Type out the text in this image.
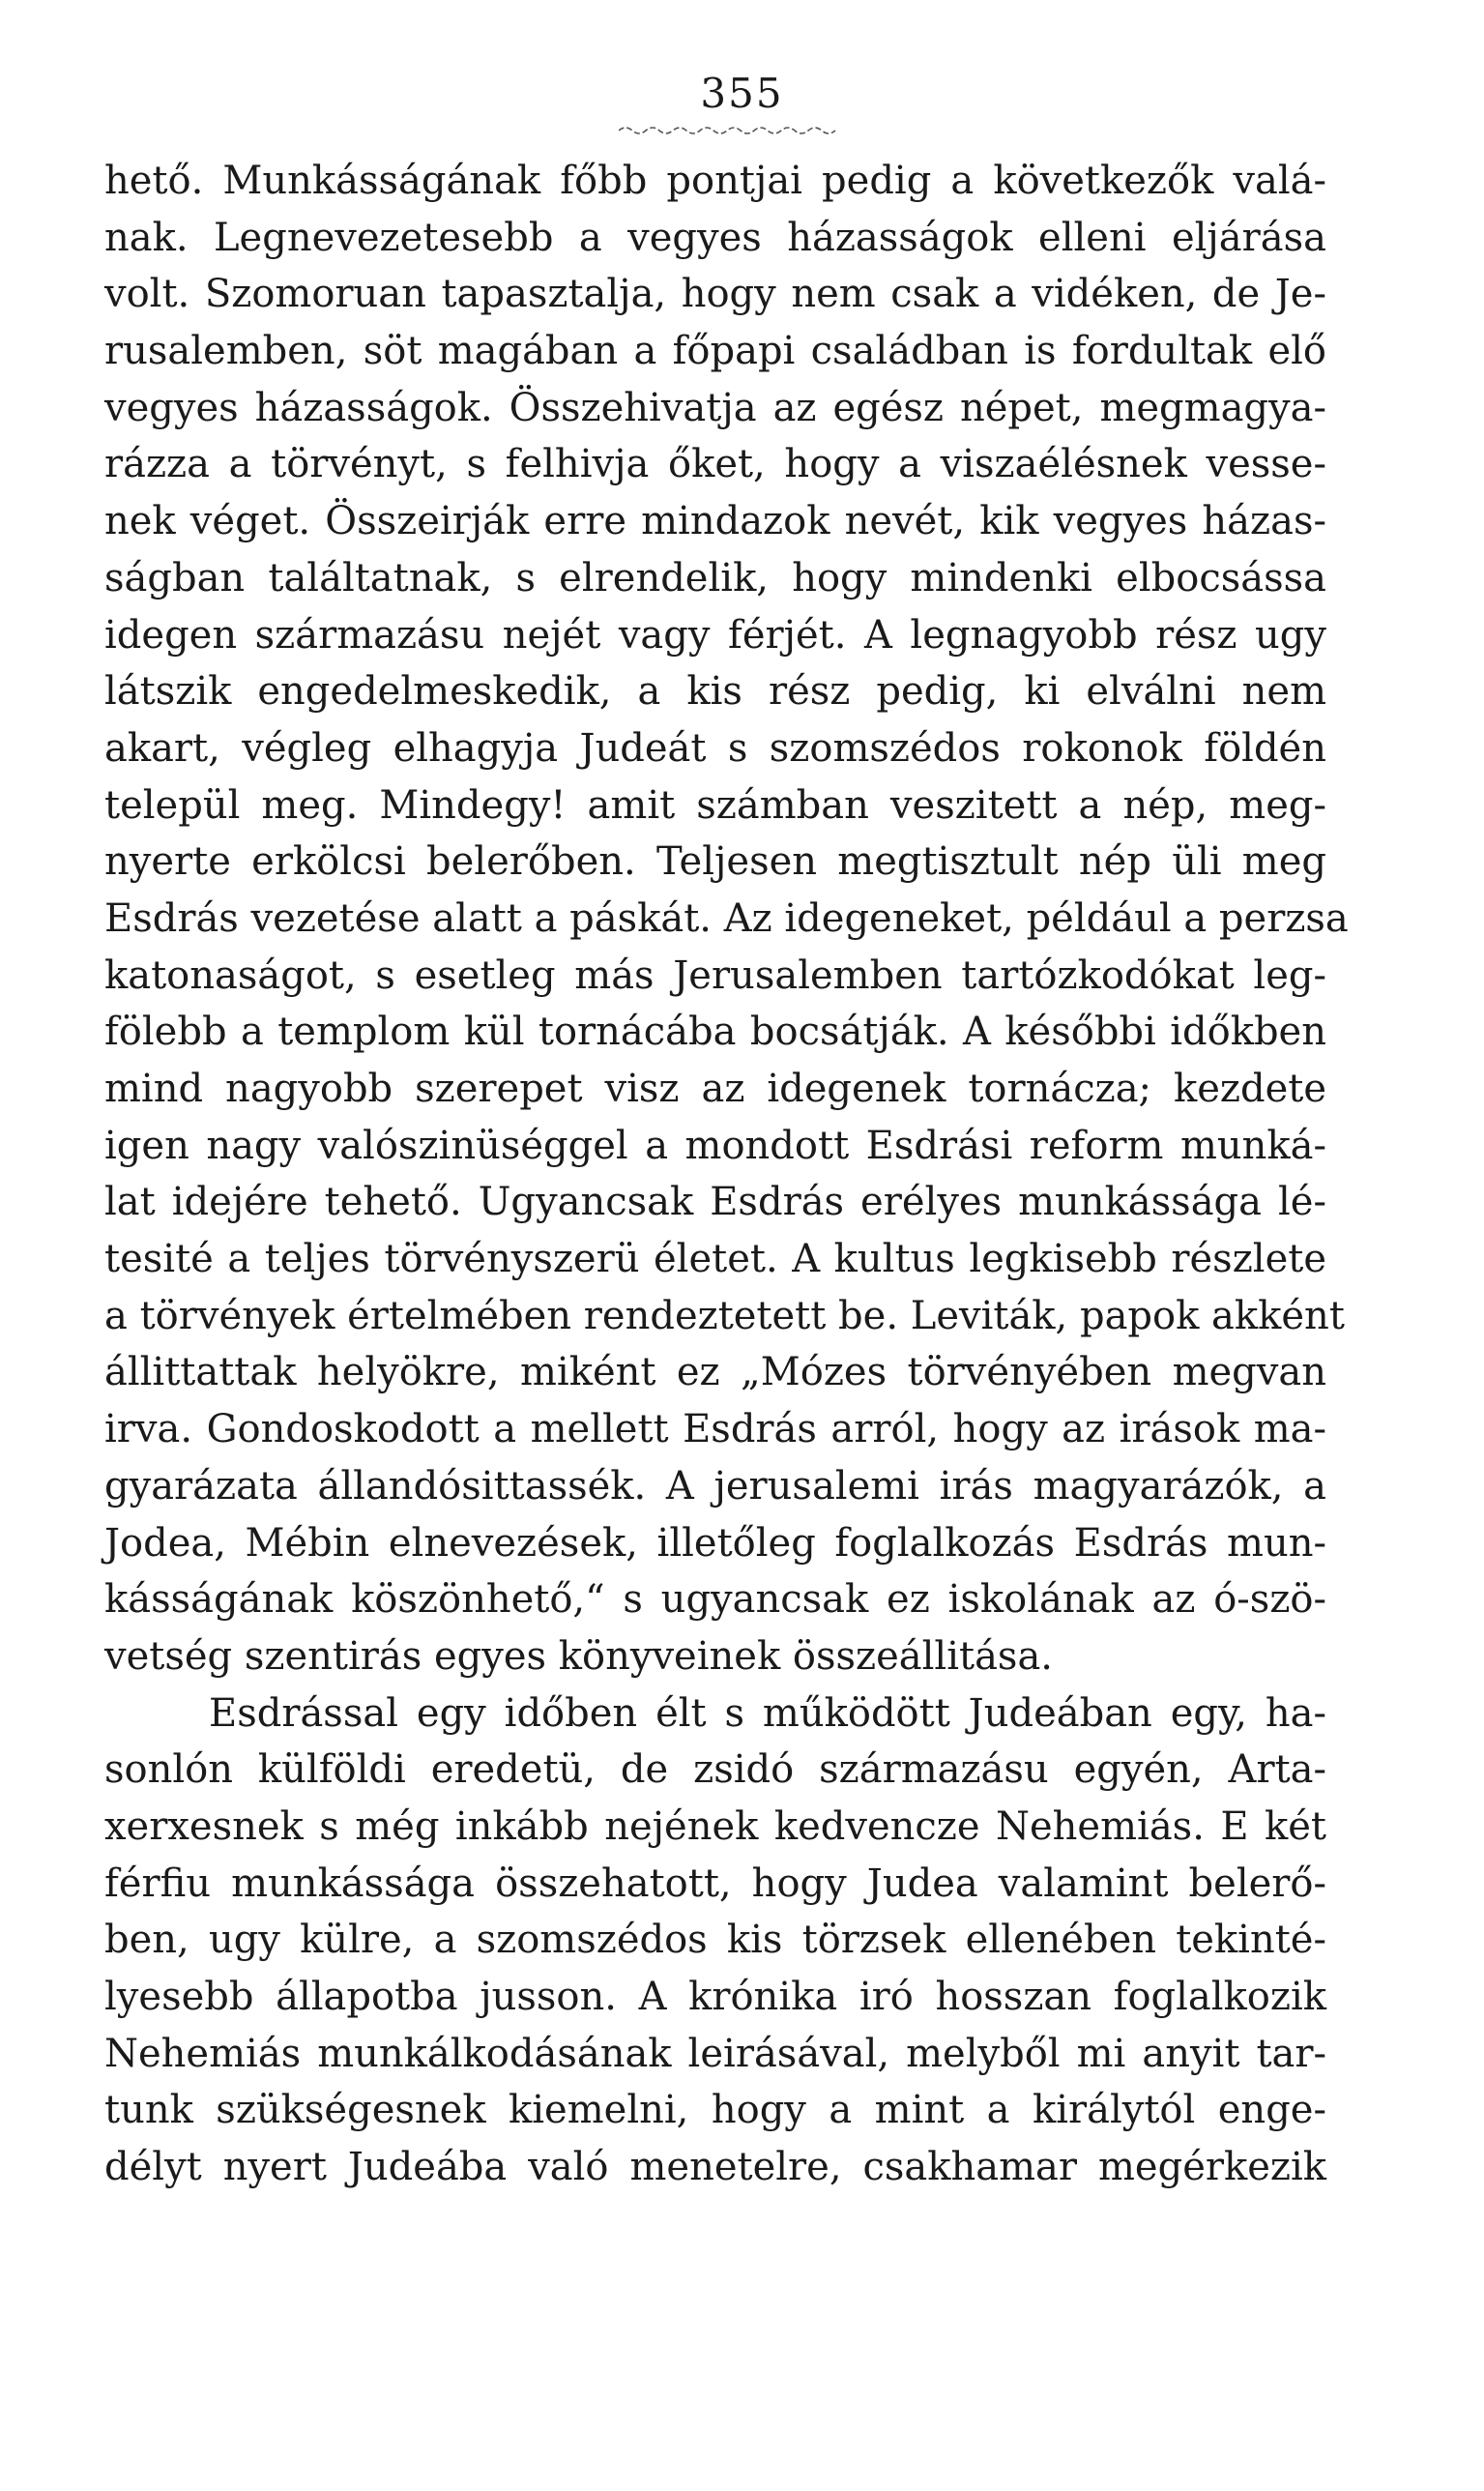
355
hető. Munkásságának főbb pontjai pedig a következők valá-
nak. Legnevezetesebb a vegyes házasságok elleni eljárása
volt. Szomoruan tapasztalja, hogy nem csak a vidéken, de Je-
rusalemben, söt magában a főpapi családban is fordultak elő
vegyes házasságok. Összehivatja az egész népet, megmagya-
rázza a törvényt, s felhivja őket, hogy a viszaélésnek vesse-
nek véget. Összeirják erre mindazok nevét, kik vegyes házas-
ságban találtatnak, s elrendelik, hogy mindenki elbocsássa
idegen származásu nejét vagy férjét. A legnagyobb rész ugy
látszik engedelmeskedik, a kis rész pedig, ki elválni nem
akart, végleg elhagyja Judeát s szomszédos rokonok földén
települ meg. Mindegy! amit számban veszitett a nép, meg-
nyerte erkölcsi belerőben. Teljesen megtisztult nép üli meg
Esdrás vezetése alatt a páskát. Az idegeneket, például a perzsa
katonaságot, s esetleg más Jerusalemben tartózkodókat leg-
fölebb a templom kül tornácába bocsátják. A későbbi időkben
mind nagyobb szerepet visz az idegenek tornácza; kezdete
igen nagy valószinüséggel a mondott Esdrási reform munká-
lat idejére tehető. Ugyancsak Esdrás erélyes munkássága lé-
tesité a teljes törvényszerü életet. A kultus legkisebb részlete
a törvények értelmében rendeztetett be. Leviták, papok akként
állittattak helyökre, miként ez „Mózes törvényében megvan
irva. Gondoskodott a mellett Esdrás arról, hogy az irások ma-
gyarázata állandósittassék. A jerusalemi irás magyarázók, a
Jodea, Mébin elnevezések, illetőleg foglalkozás Esdrás mun-
kásságának köszönhető,“ s ugyancsak ez iskolának az ó-szö-
vetség szentirás egyes könyveinek összeállitása.
Esdrással egy időben élt s működött Judeában egy, ha-
sonlón külföldi eredetü, de zsidó származásu egyén, Arta-
xerxesnek s még inkább nejének kedvencze Nehemiás. E két
férfiu munkássága összehatott, hogy Judea valamint belerő-
ben, ugy külre, a szomszédos kis törzsek ellenében tekinté-
lyesebb állapotba jusson. A krónika iró hosszan foglalkozik
Nehemiás munkálkodásának leirásával, melyből mi anyit tar-
tunk szükségesnek kiemelni, hogy a mint a királytól enge-
délyt nyert Judeába való menetelre, csakhamar megérkezik
